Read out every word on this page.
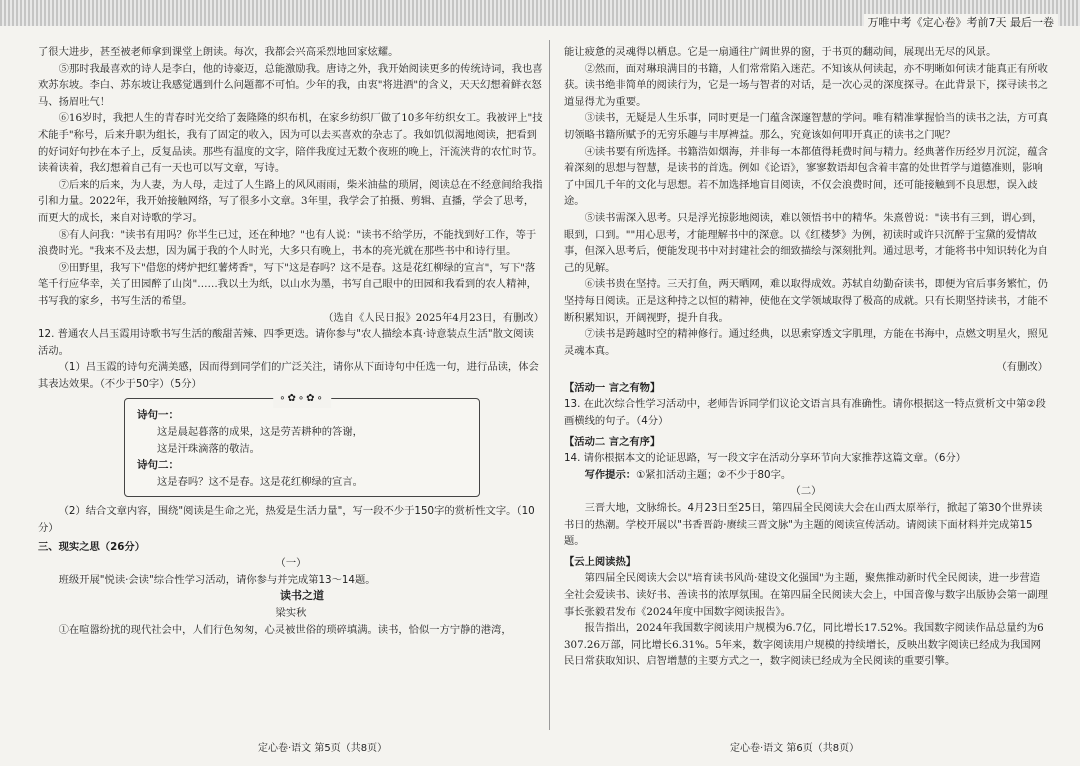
万唯中考《定心卷》考前7天 最后一卷

了很大进步，甚至被老师拿到课堂上朗读。每次，我都会兴高采烈地回家炫耀。

⑤那时我最喜欢的诗人是李白，他的诗豪迈，总能激励我。唐诗之外，我开始阅读更多的传统诗词，我也喜欢苏东坡。李白、苏东坡让我感觉遇到什么问题都不可怕。少年的我，由衷"将进酒"的含义，天天幻想着鲜衣怒马、扬眉吐气！

⑥16岁时，我把人生的青春时光交给了轰隆隆的织布机，在家乡纺织厂做了10多年纺织女工。我被评上"技术能手"称号，后来升职为组长，我有了固定的收入，因为可以去买喜欢的杂志了。我如饥似渴地阅读，把看到的好词好句抄在本子上，反复品读。那些有温度的文字，陪伴我度过无数个夜班的晚上，汗流浃背的农忙时节。读着读着，我幻想着自己有一天也可以写文章，写诗。

⑦后来的后来，为人妻，为人母，走过了人生路上的风风雨雨，柴米油盐的琐屑，阅读总在不经意间给我指引和力量。2022年，我开始接触网络，写了很多小文章。3年里，我学会了拍摄、剪辑、直播，学会了思考，而更大的成长，来自对诗歌的学习。

⑧有人问我："读书有用吗？你半生已过，还在种地？"也有人说："读书不给学历，不能找到好工作，等于浪费时光。"我来不及去想，因为属于我的个人时光，大多只有晚上，书本的亮光就在那些书中和诗行里。

⑨田野里，我写下"借您的烤炉把红薯烤香"，写下"这是春吗？这不是春。这是花红柳绿的宣言"，写下"落笔千行应华幸，关了田园醉了山岗"……我以土为纸，以山水为墨，书写自己眼中的田园和我看到的农人精神，书写我的家乡，书写生活的希望。

（选自《人民日报》2025年4月23日，有删改）

12. 普通农人吕玉霞用诗歌书写生活的酸甜苦辣、四季更迭。请你参与"农人描绘本真·诗意装点生活"散文阅读活动。

（1）吕玉霞的诗句充满美感，因而得到同学们的广泛关注，请你从下面诗句中任选一句，进行品读，体会其表达效果。（不少于50字）（5分）

∘✿∘✿∘
诗句一：
这是晨起暮落的成果，这是劳苦耕种的答谢，
这是汗珠滴落的敬洁。
诗句二：
这是春吗？这不是春。这是花红柳绿的宣言。

（2）结合文章内容，围绕"阅读是生命之光，热爱是生活力量"，写一段不少于150字的赏析性文字。（10分）

三、现实之思（26分）

（一）

班级开展"悦读·会读"综合性学习活动，请你参与并完成第13～14题。

读书之道

梁实秋

①在喧嚣纷扰的现代社会中，人们行色匆匆，心灵被世俗的琐碎填满。读书，恰似一方宁静的港湾，

能让疲惫的灵魂得以栖息。它是一扇通往广阔世界的窗，于书页的翻动间，展现出无尽的风景。

②然而，面对琳琅满目的书籍，人们常常陷入迷茫。不知该从何读起，亦不明晰如何读才能真正有所收获。读书绝非简单的阅读行为，它是一场与智者的对话，是一次心灵的深度探寻。在此背景下，探寻读书之道显得尤为重要。

③读书，无疑是人生乐事，同时更是一门蕴含深邃智慧的学问。唯有精准掌握恰当的读书之法，方可真切领略书籍所赋予的无穷乐趣与丰厚裨益。那么，究竟该如何叩开真正的读书之门呢？

④读书要有所选择。书籍浩如烟海，并非每一本都值得耗费时间与精力。经典著作历经岁月沉淀，蕴含着深刻的思想与智慧，是读书的首选。例如《论语》，寥寥数语却包含着丰富的处世哲学与道德准则，影响了中国几千年的文化与思想。若不加选择地盲目阅读，不仅会浪费时间，还可能接触到不良思想，误入歧途。

⑤读书需深入思考。只是浮光掠影地阅读，难以领悟书中的精华。朱熹曾说："读书有三到，谓心到，眼到，口到。""用心思考，才能理解书中的深意。以《红楼梦》为例，初读时或许只沉醉于宝黛的爱情故事，但深入思考后，便能发现书中对封建社会的细致描绘与深刻批判。通过思考，才能将书中知识转化为自己的见解。

⑥读书贵在坚持。三天打鱼，两天晒网，难以取得成效。苏轼自幼勤奋读书，即便为官后事务繁忙，仍坚持每日阅读。正是这种持之以恒的精神，使他在文学领域取得了极高的成就。只有长期坚持读书，才能不断积累知识，开阔视野，提升自我。

⑦读书是跨越时空的精神修行。通过经典，以思索穿透文字肌理，方能在书海中，点燃文明星火，照见灵魂本真。

（有删改）

【活动一 言之有物】

13. 在此次综合性学习活动中，老师告诉同学们议论文语言具有准确性。请你根据这一特点赏析文中第②段画横线的句子。（4分）

【活动二 言之有序】

14. 请你根据本文的论证思路，写一段文字在活动分享环节向大家推荐这篇文章。（6分）

写作提示：①紧扣活动主题；②不少于80字。

（二）

三晋大地，文脉绵长。4月23日至25日，第四届全民阅读大会在山西太原举行，掀起了第30个世界读书日的热潮。学校开展以"书香晋韵·赓续三晋文脉"为主题的阅读宣传活动。请阅读下面材料并完成第15题。

【云上阅读热】

第四届全民阅读大会以"培育读书风尚·建设文化强国"为主题，聚焦推动新时代全民阅读，进一步营造全社会爱读书、读好书、善读书的浓厚氛围。在第四届全民阅读大会上，中国音像与数字出版协会第一副理事长张毅君发布《2024年度中国数字阅读报告》。

报告指出，2024年我国数字阅读用户规模为6.7亿，同比增长17.52%。我国数字阅读作品总量约为6 307.26万部，同比增长6.31%。5年来，数字阅读用户规模的持续增长，反映出数字阅读已经成为我国网民日常获取知识、启智增慧的主要方式之一，数字阅读已经成为全民阅读的重要引擎。

定心卷·语文 第5页（共8页）	定心卷·语文 第6页（共8页）
